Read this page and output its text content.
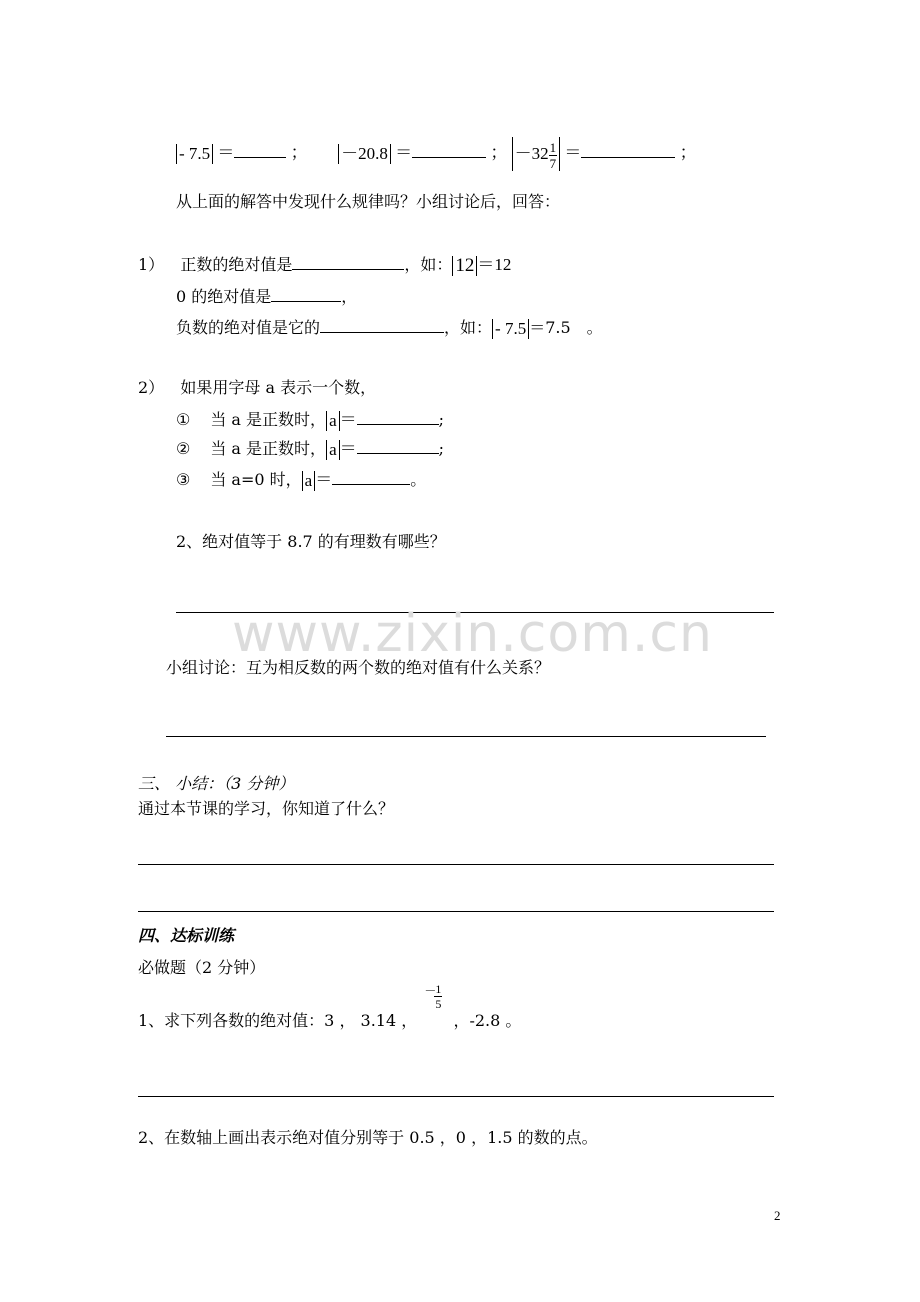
- 7.5 ＝	； －20.8 ＝	； $-32 \frac{1}{7}$ ＝	；
从上面的解答中发现什么规律吗？小组讨论后，回答：
1） 正数的绝对值是	，如： 12 ＝12
0 的绝对值是	，
负数的绝对值是它的	，如： - 7.5 ＝7.5　。
2） 如果用字母 a 表示一个数，
① 当 a 是正数时， a ＝	;
② 当 a 是正数时， a ＝	;
③ 当 a=0 时， a ＝	。
2、绝对值等于 8.7 的有理数有哪些？
www.zixin.com.cn
小组讨论：互为相反数的两个数的绝对值有什么关系？
三、 小结：（3 分钟）
通过本节课的学习，你知道了什么？
四、达标训练
必做题（2 分钟）
1、求下列各数的绝对值：3 ， 3.14 ，
－
$\frac{1}{5}$
，-2.8 。
2、在数轴上画出表示绝对值分别等于 0.5 ，0 ，1.5 的数的点。
2
